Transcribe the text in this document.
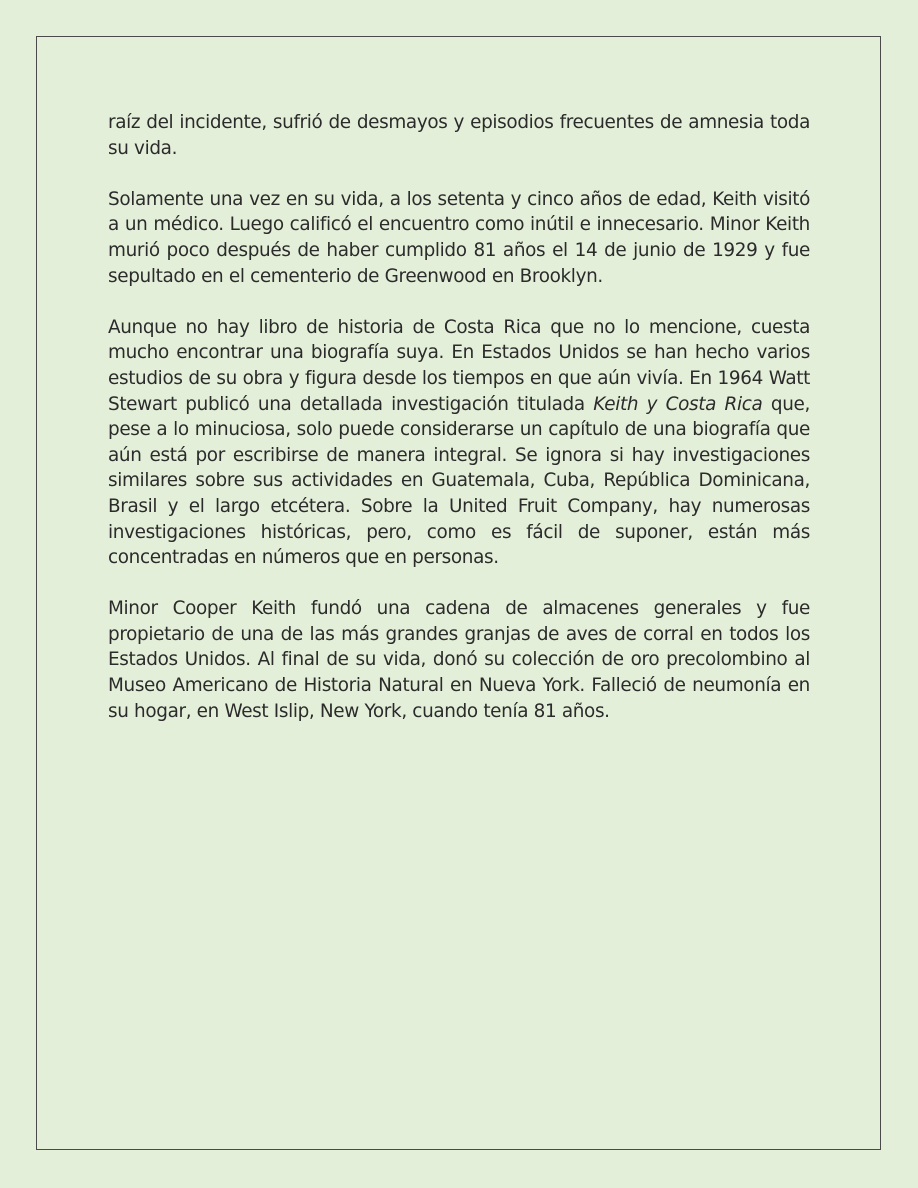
raíz del incidente, sufrió de desmayos y episodios frecuentes de amnesia toda su vida.

Solamente una vez en su vida, a los setenta y cinco años de edad, Keith visitó a un médico. Luego calificó el encuentro como inútil e innecesario. Minor Keith murió poco después de haber cumplido 81 años el 14 de junio de 1929 y fue sepultado en el cementerio de Greenwood en Brooklyn.

Aunque no hay libro de historia de Costa Rica que no lo mencione, cuesta mucho encontrar una biografía suya. En Estados Unidos se han hecho varios estudios de su obra y figura desde los tiempos en que aún vivía. En 1964 Watt Stewart publicó una detallada investigación titulada Keith y Costa Rica que, pese a lo minuciosa, solo puede considerarse un capítulo de una biografía que aún está por escribirse de manera integral. Se ignora si hay investigaciones similares sobre sus actividades en Guatemala, Cuba, República Dominicana, Brasil y el largo etcétera. Sobre la United Fruit Company, hay numerosas investigaciones históricas, pero, como es fácil de suponer, están más concentradas en números que en personas.

Minor Cooper Keith fundó una cadena de almacenes generales y fue propietario de una de las más grandes granjas de aves de corral en todos los Estados Unidos. Al final de su vida, donó su colección de oro precolombino al Museo Americano de Historia Natural en Nueva York. Falleció de neumonía en su hogar, en West Islip, New York, cuando tenía 81 años.
